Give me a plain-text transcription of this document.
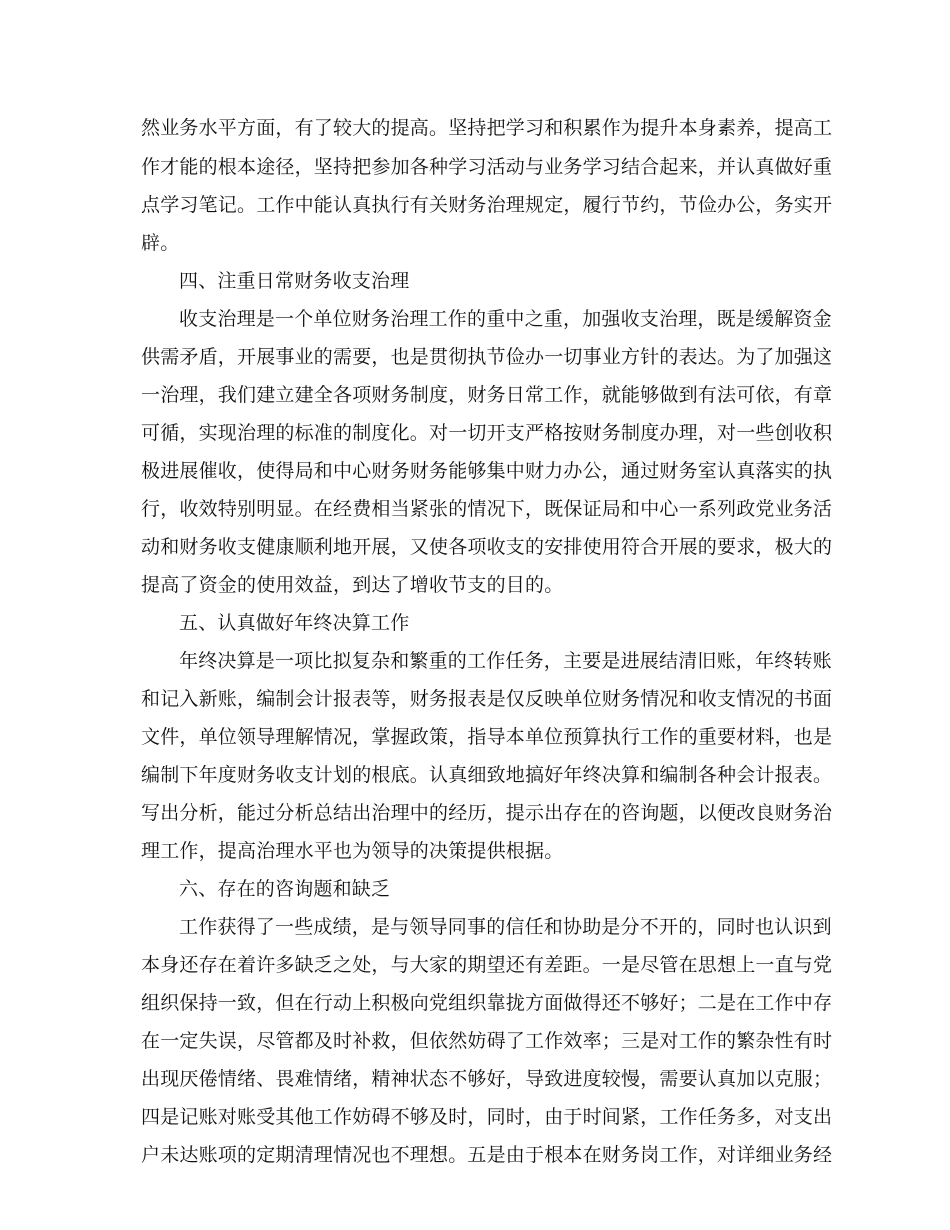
然业务水平方面，有了较大的提高。坚持把学习和积累作为提升本身素养，提高工
作才能的根本途径，坚持把参加各种学习活动与业务学习结合起来，并认真做好重
点学习笔记。工作中能认真执行有关财务治理规定，履行节约，节俭办公，务实开
辟。
四、注重日常财务收支治理
收支治理是一个单位财务治理工作的重中之重，加强收支治理，既是缓解资金
供需矛盾，开展事业的需要，也是贯彻执节俭办一切事业方针的表达。为了加强这
一治理，我们建立建全各项财务制度，财务日常工作，就能够做到有法可依，有章
可循，实现治理的标准的制度化。对一切开支严格按财务制度办理，对一些创收积
极进展催收，使得局和中心财务财务能够集中财力办公，通过财务室认真落实的执
行，收效特别明显。在经费相当紧张的情况下，既保证局和中心一系列政党业务活
动和财务收支健康顺利地开展，又使各项收支的安排使用符合开展的要求，极大的
提高了资金的使用效益，到达了增收节支的目的。
五、认真做好年终决算工作
年终决算是一项比拟复杂和繁重的工作任务，主要是进展结清旧账，年终转账
和记入新账，编制会计报表等，财务报表是仅反映单位财务情况和收支情况的书面
文件，单位领导理解情况，掌握政策，指导本单位预算执行工作的重要材料，也是
编制下年度财务收支计划的根底。认真细致地搞好年终决算和编制各种会计报表。
写出分析，能过分析总结出治理中的经历，提示出存在的咨询题，以便改良财务治
理工作，提高治理水平也为领导的决策提供根据。
六、存在的咨询题和缺乏
工作获得了一些成绩，是与领导同事的信任和协助是分不开的，同时也认识到
本身还存在着许多缺乏之处，与大家的期望还有差距。一是尽管在思想上一直与党
组织保持一致，但在行动上积极向党组织靠拢方面做得还不够好；二是在工作中存
在一定失误，尽管都及时补救，但依然妨碍了工作效率；三是对工作的繁杂性有时
出现厌倦情绪、畏难情绪，精神状态不够好，导致进度较慢，需要认真加以克服；
四是记账对账受其他工作妨碍不够及时，同时，由于时间紧，工作任务多，对支出
户未达账项的定期清理情况也不理想。五是由于根本在财务岗工作，对详细业务经
